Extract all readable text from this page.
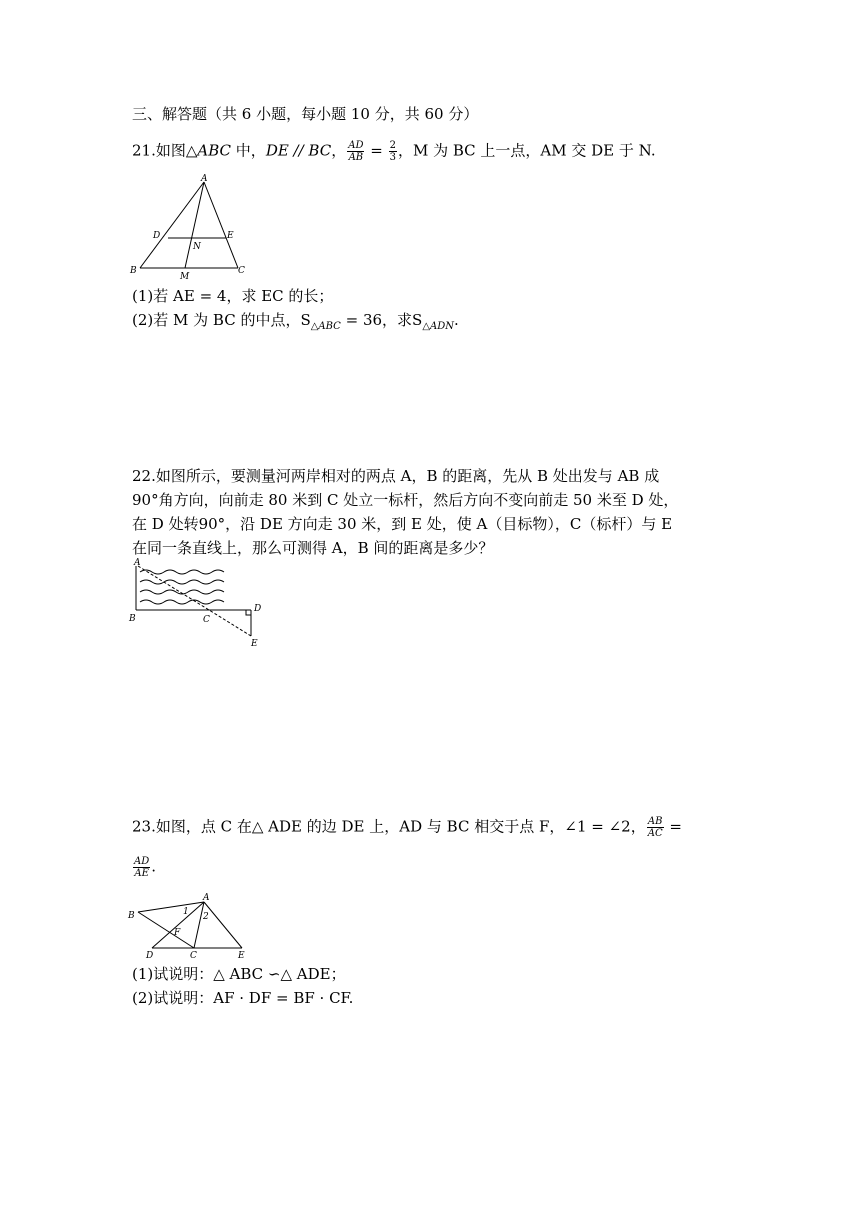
三、解答题（共 6 小题，每小题 10 分，共 60 分）
21.如图△ABC 中，DE // BC， $\frac{AD}{AB} = \frac{2}{3}$ ，M 为 BC 上一点，AM 交 DE 于 N.
A
D	E
N
B
M
C
(1)若 AE = 4，求 EC 的长；
(2)若 M 为 BC 的中点，$S_{\triangle ABC} = 36$，求$S_{\triangle ADN}$.
22.如图所示，要测量河两岸相对的两点 A，B 的距离，先从 B 处出发与 AB 成
90°角方向，向前走 80 米到 C 处立一标杆，然后方向不变向前走 50 米至 D 处，
在 D 处转90°，沿 DE 方向走 30 米，到 E 处，使 A（目标物），C（标杆）与 E
在同一条直线上，那么可测得 A，B 间的距离是多少？
A
B	C
D
E
23.如图，点 C 在△ ADE 的边 DE 上，AD 与 BC 相交于点 F，∠1 = ∠2， $\frac{AB}{AC}$ =
$\frac{AD}{AE}$ .
A
B	1 2
F
D	C	E
(1)试说明：△ ABC ∽△ ADE；
(2)试说明：AF · DF = BF · CF.
